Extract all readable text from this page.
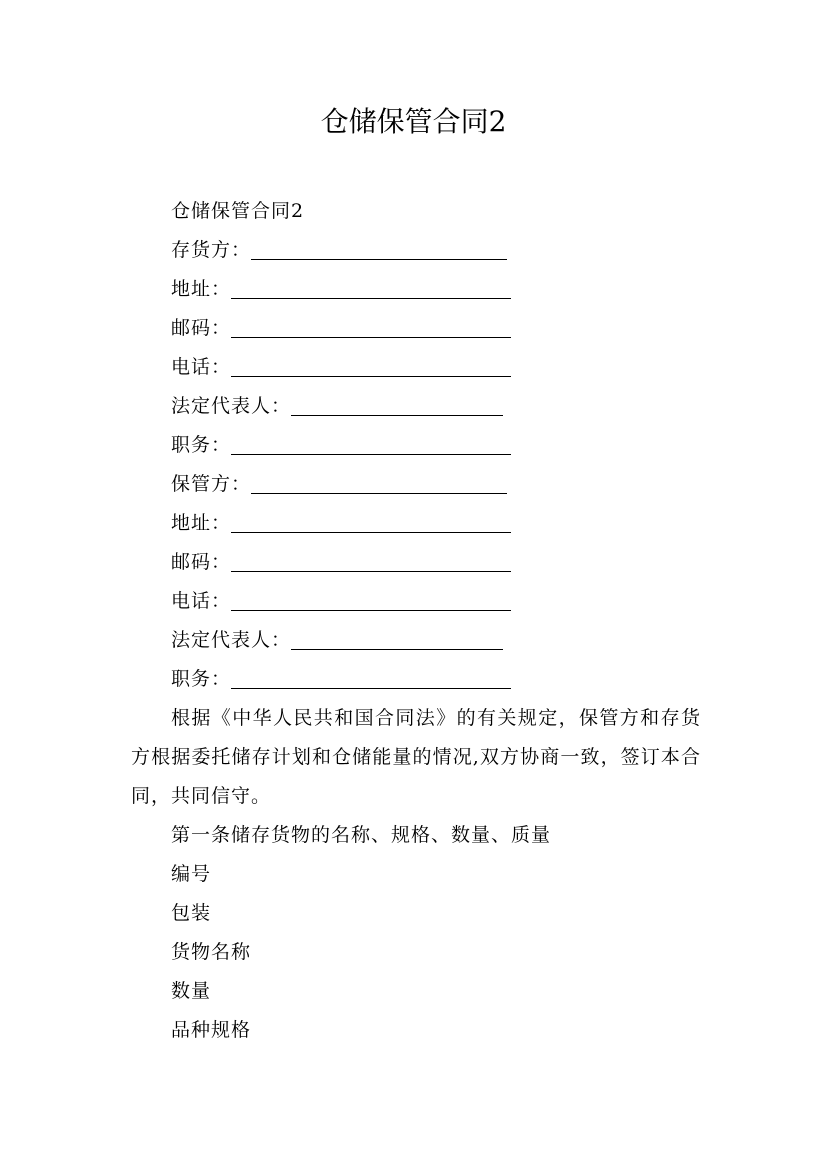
仓储保管合同2
仓储保管合同2
存货方：
地址：
邮码：
电话：
法定代表人：
职务：
保管方：
地址：
邮码：
电话：
法定代表人：
职务：

根据《中华人民共和国合同法》的有关规定，保管方和存货方根据委托储存计划和仓储能量的情况,双方协商一致，签订本合同，共同信守。

第一条储存货物的名称、规格、数量、质量
编号
包装
货物名称
数量
品种规格
